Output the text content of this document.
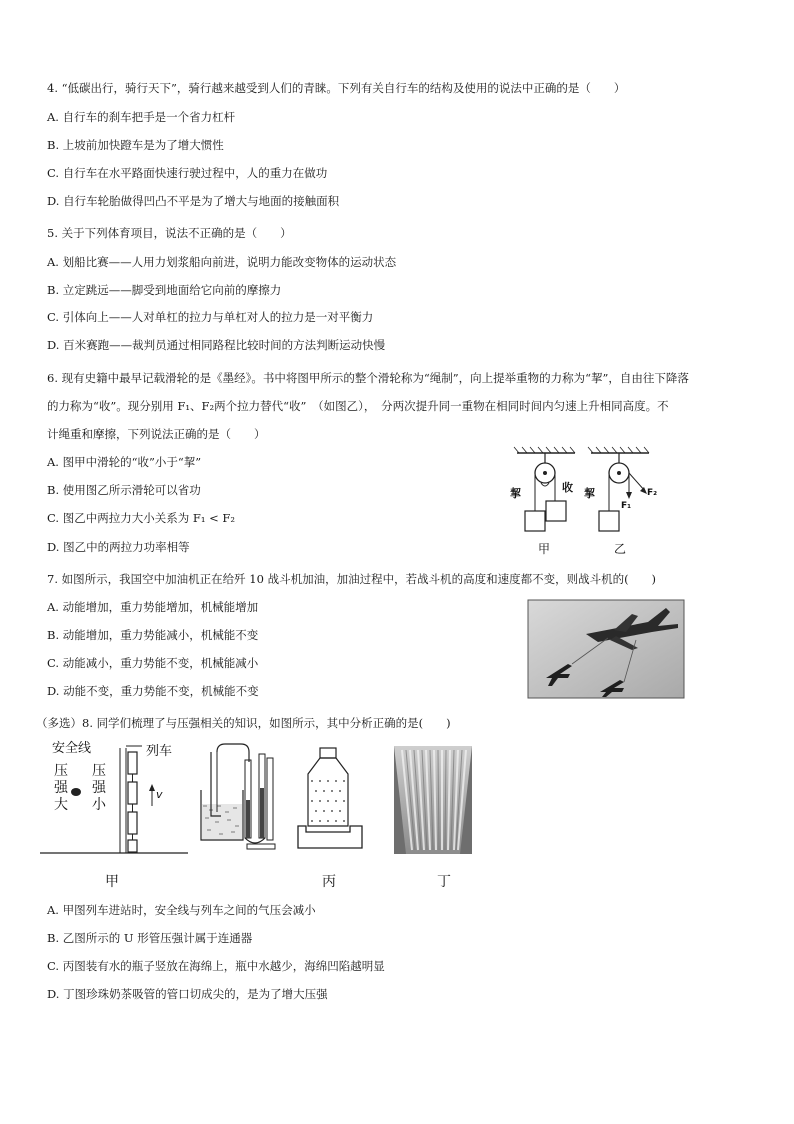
4. “低碳出行，骑行天下”，骑行越来越受到人们的青睐。下列有关自行车的结构及使用的说法中正确的是（　　）
A. 自行车的刹车把手是一个省力杠杆
B. 上坡前加快蹬车是为了增大惯性
C. 自行车在水平路面快速行驶过程中，人的重力在做功
D. 自行车轮胎做得凹凸不平是为了增大与地面的接触面积
5. 关于下列体育项目，说法不正确的是（　　）
A. 划船比赛——人用力划浆船向前进，说明力能改变物体的运动状态
B. 立定跳远——脚受到地面给它向前的摩擦力
C. 引体向上——人对单杠的拉力与单杠对人的拉力是一对平衡力
D. 百米赛跑——裁判员通过相同路程比较时间的方法判断运动快慢
6. 现有史籍中最早记载滑轮的是《墨经》。书中将图甲所示的整个滑轮称为“绳制”，向上提举重物的力称为“挈”，自由往下降落
的力称为“收”。现分别用 F₁、F₂两个拉力替代“收”　（如图乙），　分两次提升同一重物在相同时间内匀速上升相同高度。不
计绳重和摩擦，下列说法正确的是（　　）
A. 图甲中滑轮的“收”小于“挈”
B. 使用图乙所示滑轮可以省功
C. 图乙中两拉力大小关系为 F₁ < F₂
D. 图乙中的两拉力功率相等
挈	收 挈
F₁
F₂
甲	乙
7. 如图所示，我国空中加油机正在给歼 10 战斗机加油，加油过程中，若战斗机的高度和速度都不变，则战斗机的(　　)
A. 动能增加，重力势能增加，机械能增加
B. 动能增加，重力势能减小，机械能不变
C. 动能减小，重力势能不变，机械能减小
D. 动能不变，重力势能不变，机械能不变
（多选）8. 同学们梳理了与压强相关的知识，如图所示，其中分析正确的是(　　)
安全线	列车
压强大
压强小
v
甲	丙	丁
A. 甲图列车进站时，安全线与列车之间的气压会减小
B. 乙图所示的 U 形管压强计属于连通器
C. 丙图装有水的瓶子竖放在海绵上，瓶中水越少，海绵凹陷越明显
D. 丁图珍珠奶茶吸管的管口切成尖的，是为了增大压强
